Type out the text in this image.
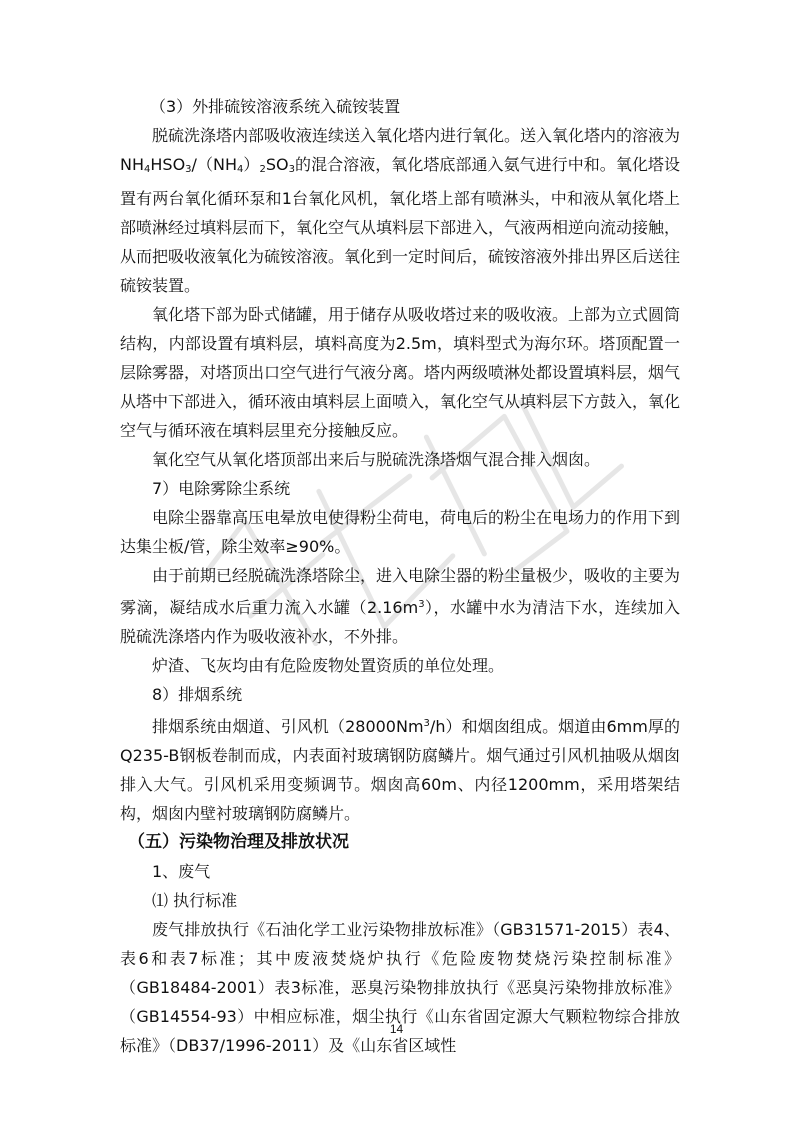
（3）外排硫铵溶液系统入硫铵装置

脱硫洗涤塔内部吸收液连续送入氧化塔内进行氧化。送入氧化塔内的溶液为$NH_4HSO_3/(NH_4)_2SO_3$的混合溶液，氧化塔底部通入氨气进行中和。氧化塔设置有两台氧化循环泵和1台氧化风机，氧化塔上部有喷淋头，中和液从氧化塔上部喷淋经过填料层而下，氧化空气从填料层下部进入，气液两相逆向流动接触，从而把吸收液氧化为硫铵溶液。氧化到一定时间后，硫铵溶液外排出界区后送往硫铵装置。

氧化塔下部为卧式储罐，用于储存从吸收塔过来的吸收液。上部为立式圆筒结构，内部设置有填料层，填料高度为2.5m，填料型式为海尔环。塔顶配置一层除雾器，对塔顶出口空气进行气液分离。塔内两级喷淋处都设置填料层，烟气从塔中下部进入，循环液由填料层上面喷入，氧化空气从填料层下方鼓入，氧化空气与循环液在填料层里充分接触反应。

氧化空气从氧化塔顶部出来后与脱硫洗涤塔烟气混合排入烟囱。

7）电除雾除尘系统

电除尘器靠高压电晕放电使得粉尘荷电，荷电后的粉尘在电场力的作用下到达集尘板/管，除尘效率≥90%。

由于前期已经脱硫洗涤塔除尘，进入电除尘器的粉尘量极少，吸收的主要为雾滴，凝结成水后重力流入水罐$(2.16m^3)$，水罐中水为清洁下水，连续加入脱硫洗涤塔内作为吸收液补水，不外排。

炉渣、飞灰均由有危险废物处置资质的单位处理。

8）排烟系统

排烟系统由烟道、引风机（28000Nm$^3$/h）和烟囱组成。烟道由6mm厚的Q235-B钢板卷制而成，内表面衬玻璃钢防腐鳞片。烟气通过引风机抽吸从烟囱排入大气。引风机采用变频调节。烟囱高60m、内径1200mm，采用塔架结构，烟囱内壁衬玻璃钢防腐鳞片。

（五）污染物治理及排放状况

1、废气

⑴ 执行标准

废气排放执行《石油化学工业污染物排放标准》（GB31571-2015）表4、表6和表7标准；其中废液焚烧炉执行《危险废物焚烧污染控制标准》（GB18484-2001）表3标准，恶臭污染物排放执行《恶臭污染物排放标准》（GB14554-93）中相应标准，烟尘执行《山东省固定源大气颗粒物综合排放标准》（DB37/1996-2011）及《山东省区域性

14
